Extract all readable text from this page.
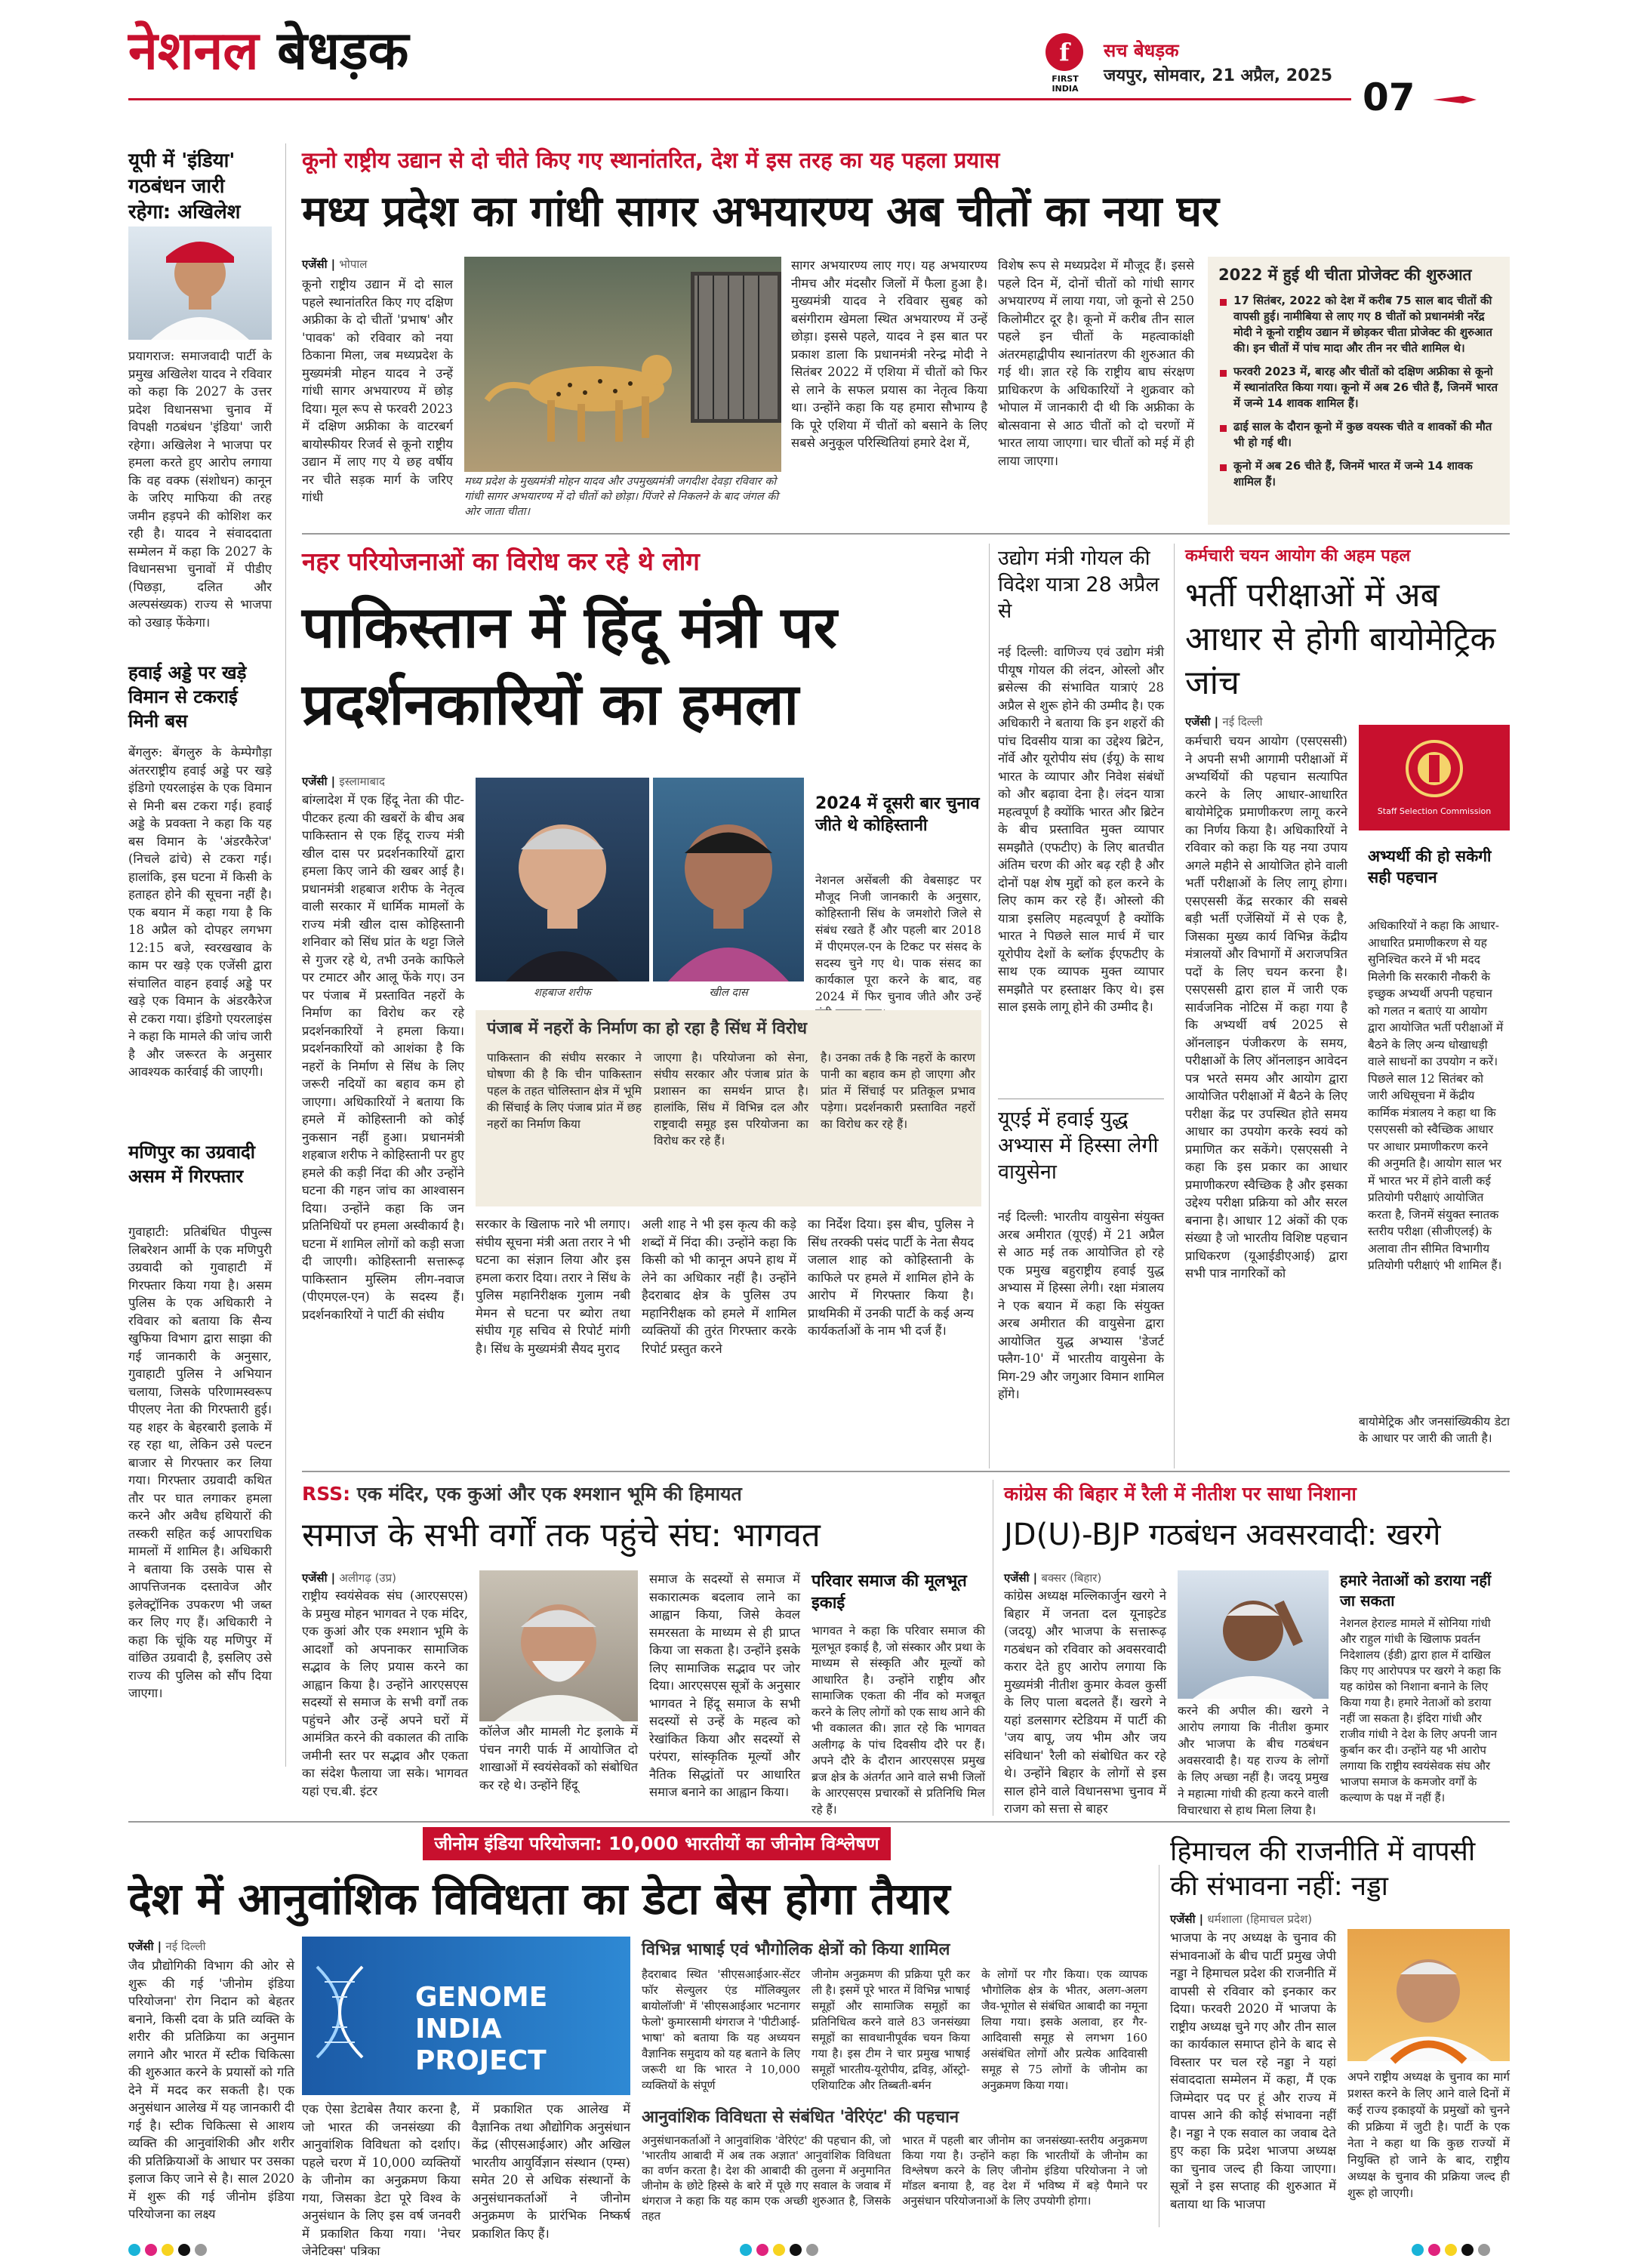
नेशनल बेधड़क	f
FIRST INDIA
सच बेधड़क
जयपुर, सोमवार, 21 अप्रैल, 2025 07
यूपी में 'इंडिया' गठबंधन जारी रहेगा: अखिलेश
प्रयागराज: समाजवादी पार्टी के प्रमुख अखिलेश यादव ने रविवार को कहा कि 2027 के उत्तर प्रदेश विधानसभा चुनाव में विपक्षी गठबंधन 'इंडिया' जारी रहेगा। अखिलेश ने भाजपा पर हमला करते हुए आरोप लगाया कि वह वक्फ (संशोधन) कानून के जरिए माफिया की तरह जमीन हड़पने की कोशिश कर रही है। यादव ने संवाददाता सम्मेलन में कहा कि 2027 के विधानसभा चुनावों में पीडीए (पिछड़ा, दलित और अल्पसंख्यक) राज्य से भाजपा को उखाड़ फेंकेगा।
हवाई अड्डे पर खड़े विमान से टकराई मिनी बस
बेंगलुरु: बेंगलुरु के केम्पेगौड़ा अंतरराष्ट्रीय हवाई अड्डे पर खड़े इंडिगो एयरलाइंस के एक विमान से मिनी बस टकरा गई। हवाई अड्डे के प्रवक्ता ने कहा कि यह बस विमान के 'अंडरकैरेज' (निचले ढांचे) से टकरा गई। हालांकि, इस घटना में किसी के हताहत होने की सूचना नहीं है। एक बयान में कहा गया है कि 18 अप्रैल को दोपहर लगभग 12:15 बजे, स्वरखखाव के काम पर खड़े एक एजेंसी द्वारा संचालित वाहन हवाई अड्डे पर खड़े एक विमान के अंडरकैरेज से टकरा गया। इंडिगो एयरलाइंस ने कहा कि मामले की जांच जारी है और जरूरत के अनुसार आवश्यक कार्रवाई की जाएगी।
मणिपुर का उग्रवादी असम में गिरफ्तार
गुवाहाटी: प्रतिबंधित पीपुल्स लिबरेशन आर्मी के एक मणिपुरी उग्रवादी को गुवाहाटी में गिरफ्तार किया गया है। असम पुलिस के एक अधिकारी ने रविवार को बताया कि सैन्य खुफिया विभाग द्वारा साझा की गई जानकारी के अनुसार, गुवाहाटी पुलिस ने अभियान चलाया, जिसके परिणामस्वरूप पीएलए नेता की गिरफ्तारी हुई। यह शहर के बेहरबारी इलाके में रह रहा था, लेकिन उसे पल्टन बाजार से गिरफ्तार कर लिया गया। गिरफ्तार उग्रवादी कथित तौर पर घात लगाकर हमला करने और अवैध हथियारों की तस्करी सहित कई आपराधिक मामलों में शामिल है। अधिकारी ने बताया कि उसके पास से आपत्तिजनक दस्तावेज और इलेक्ट्रॉनिक उपकरण भी जब्त कर लिए गए हैं। अधिकारी ने कहा कि चूंकि यह मणिपुर में वांछित उग्रवादी है, इसलिए उसे राज्य की पुलिस को सौंप दिया जाएगा।
कूनो राष्ट्रीय उद्यान से दो चीते किए गए स्थानांतरित, देश में इस तरह का यह पहला प्रयास
मध्य प्रदेश का गांधी सागर अभयारण्य अब चीतों का नया घर
एजेंसी | भोपाल
कूनो राष्ट्रीय उद्यान में दो साल पहले स्थानांतरित किए गए दक्षिण अफ्रीका के दो चीतों 'प्रभाष' और 'पावक' को रविवार को नया ठिकाना मिला, जब मध्यप्रदेश के मुख्यमंत्री मोहन यादव ने उन्हें गांधी सागर अभयारण्य में छोड़ दिया। मूल रूप से फरवरी 2023 में दक्षिण अफ्रीका के वाटरबर्ग बायोस्फीयर रिजर्व से कूनो राष्ट्रीय उद्यान में लाए गए ये छह वर्षीय नर चीते सड़क मार्ग के जरिए गांधी
मध्य प्रदेश के मुख्यमंत्री मोहन यादव और उपमुख्यमंत्री जगदीश देवड़ा रविवार को गांधी सागर अभयारण्य में दो चीतों को छोड़ा। पिंजरे से निकलने के बाद जंगल की ओर जाता चीता।
सागर अभयारण्य लाए गए। यह अभयारण्य नीमच और मंदसौर जिलों में फैला हुआ है। मुख्यमंत्री यादव ने रविवार सुबह को बसंगीराम खेमला स्थित अभयारण्य में उन्हें छोड़ा। इससे पहले, यादव ने इस बात पर प्रकाश डाला कि प्रधानमंत्री नरेन्द्र मोदी ने सितंबर 2022 में एशिया में चीतों को फिर से लाने के सफल प्रयास का नेतृत्व किया था। उन्होंने कहा कि यह हमारा सौभाग्य है कि पूरे एशिया में चीतों को बसाने के लिए सबसे अनुकूल परिस्थितियां हमारे देश में,
विशेष रूप से मध्यप्रदेश में मौजूद हैं। इससे पहले दिन में, दोनों चीतों को गांधी सागर अभयारण्य में लाया गया, जो कूनो से 250 किलोमीटर दूर है। कूनो में करीब तीन साल पहले इन चीतों के महत्वाकांक्षी अंतरमहाद्वीपीय स्थानांतरण की शुरुआत की गई थी। ज्ञात रहे कि राष्ट्रीय बाघ संरक्षण प्राधिकरण के अधिकारियों ने शुक्रवार को भोपाल में जानकारी दी थी कि अफ्रीका के बोत्सवाना से आठ चीतों को दो चरणों में भारत लाया जाएगा। चार चीतों को मई में ही लाया जाएगा।
2022 में हुई थी चीता प्रोजेक्ट की शुरुआत
17 सितंबर, 2022 को देश में करीब 75 साल बाद चीतों की वापसी हुई। नामीबिया से लाए गए 8 चीतों को प्रधानमंत्री नरेंद्र मोदी ने कूनो राष्ट्रीय उद्यान में छोड़कर चीता प्रोजेक्ट की शुरुआत की। इन चीतों में पांच मादा और तीन नर चीते शामिल थे।
फरवरी 2023 में, बारह और चीतों को दक्षिण अफ्रीका से कूनो में स्थानांतरित किया गया। कूनो में अब 26 चीते हैं, जिनमें भारत में जन्मे 14 शावक शामिल हैं।
ढाई साल के दौरान कूनो में कुछ वयस्क चीते व शावकों की मौत भी हो गई थी।
कूनो में अब 26 चीते हैं, जिनमें भारत में जन्मे 14 शावक शामिल हैं।
नहर परियोजनाओं का विरोध कर रहे थे लोग
पाकिस्तान में हिंदू मंत्री पर प्रदर्शनकारियों का हमला
एजेंसी | इस्लामाबाद
बांग्लादेश में एक हिंदू नेता की पीट-पीटकर हत्या की खबरों के बीच अब पाकिस्तान से एक हिंदू राज्य मंत्री खील दास पर प्रदर्शनकारियों द्वारा हमला किए जाने की खबर आई है। प्रधानमंत्री शहबाज शरीफ के नेतृत्व वाली सरकार में धार्मिक मामलों के राज्य मंत्री खील दास कोहिस्तानी शनिवार को सिंध प्रांत के थट्टा जिले से गुजर रहे थे, तभी उनके काफिले पर टमाटर और आलू फेंके गए। उन पर पंजाब में प्रस्तावित नहरों के निर्माण का विरोध कर रहे प्रदर्शनकारियों ने हमला किया। प्रदर्शनकारियों को आशंका है कि नहरों के निर्माण से सिंध के लिए जरूरी नदियों का बहाव कम हो जाएगा। अधिकारियों ने बताया कि हमले में कोहिस्तानी को कोई नुकसान नहीं हुआ। प्रधानमंत्री शहबाज शरीफ ने कोहिस्तानी पर हुए हमले की कड़ी निंदा की और उन्होंने घटना की गहन जांच का आश्वासन दिया। उन्होंने कहा कि जन प्रतिनिधियों पर हमला अस्वीकार्य है। घटना में शामिल लोगों को कड़ी सजा दी जाएगी। कोहिस्तानी सत्तारूढ़ पाकिस्तान मुस्लिम लीग-नवाज (पीएमएल-एन) के सदस्य हैं। प्रदर्शनकारियों ने पार्टी की संघीय
शहबाज शरीफ	खील दास
2024 में दूसरी बार चुनाव जीते थे कोहिस्तानी
नेशनल असेंबली की वेबसाइट पर मौजूद निजी जानकारी के अनुसार, कोहिस्तानी सिंध के जमशोरो जिले से संबंध रखते हैं और पहली बार 2018 में पीएमएल-एन के टिकट पर संसद के सदस्य चुने गए थे। पाक संसद का कार्यकाल पूरा करने के बाद, वह 2024 में फिर चुनाव जीते और उन्हें
पंजाब में नहरों के निर्माण का हो रहा है सिंध में विरोध
पाकिस्तान की संघीय सरकार ने घोषणा की है कि चीन पाकिस्तान पहल के तहत चोलिस्तान क्षेत्र में भूमि की सिंचाई के लिए पंजाब प्रांत में छह नहरों का निर्माण किया
जाएगा है। परियोजना को सेना, संघीय सरकार और पंजाब प्रांत के प्रशासन का समर्थन प्राप्त है। हालांकि, सिंध में विभिन्न दल और राष्ट्रवादी समूह इस परियोजना का विरोध कर रहे हैं।
है। उनका तर्क है कि नहरों के कारण पानी का बहाव कम हो जाएगा और प्रांत में सिंचाई पर प्रतिकूल प्रभाव पड़ेगा। प्रदर्शनकारी प्रस्तावित नहरों का विरोध कर रहे हैं।
सरकार के खिलाफ नारे भी लगाए। संघीय सूचना मंत्री अता तरार ने भी घटना का संज्ञान लिया और इस हमला करार दिया। तरार ने सिंध के पुलिस महानिरीक्षक गुलाम नबी मेमन से घटना पर ब्योरा तथा संघीय गृह सचिव से रिपोर्ट मांगी है। सिंध के मुख्यमंत्री सैयद मुराद
अली शाह ने भी इस कृत्य की कड़े शब्दों में निंदा की। उन्होंने कहा कि किसी को भी कानून अपने हाथ में लेने का अधिकार नहीं है। उन्होंने हैदराबाद क्षेत्र के पुलिस उप महानिरीक्षक को हमले में शामिल व्यक्तियों की तुरंत गिरफ्तार करके रिपोर्ट प्रस्तुत करने
का निर्देश दिया। इस बीच, पुलिस ने सिंध तरक्की पसंद पार्टी के नेता सैयद जलाल शाह को कोहिस्तानी के काफिले पर हमले में शामिल होने के आरोप में गिरफ्तार किया है। प्राथमिकी में उनकी पार्टी के कई अन्य कार्यकर्ताओं के नाम भी दर्ज हैं।
उद्योग मंत्री गोयल की विदेश यात्रा 28 अप्रैल से
नई दिल्ली: वाणिज्य एवं उद्योग मंत्री पीयूष गोयल की लंदन, ओस्लो और ब्रसेल्स की संभावित यात्राएं 28 अप्रैल से शुरू होने की उम्मीद है। एक अधिकारी ने बताया कि इन शहरों की पांच दिवसीय यात्रा का उद्देश्य ब्रिटेन, नॉर्वे और यूरोपीय संघ (ईयू) के साथ भारत के व्यापार और निवेश संबंधों को और बढ़ावा देना है। लंदन यात्रा महत्वपूर्ण है क्योंकि भारत और ब्रिटेन के बीच प्रस्तावित मुक्त व्यापार समझौते (एफटीए) के लिए बातचीत अंतिम चरण की ओर बढ़ रही है और दोनों पक्ष शेष मुद्दों को हल करने के लिए काम कर रहे हैं। ओस्लो की यात्रा इसलिए महत्वपूर्ण है क्योंकि भारत ने पिछले साल मार्च में चार यूरोपीय देशों के ब्लॉक ईएफटीए के साथ एक व्यापक मुक्त व्यापार समझौते पर हस्ताक्षर किए थे। इस साल इसके लागू होने की उम्मीद है।
यूएई में हवाई युद्ध अभ्यास में हिस्सा लेगी वायुसेना
नई दिल्ली: भारतीय वायुसेना संयुक्त अरब अमीरात (यूएई) में 21 अप्रैल से आठ मई तक आयोजित हो रहे एक प्रमुख बहुराष्ट्रीय हवाई युद्ध अभ्यास में हिस्सा लेगी। रक्षा मंत्रालय ने एक बयान में कहा कि संयुक्त अरब अमीरात की वायुसेना द्वारा आयोजित युद्ध अभ्यास 'डेजर्ट फ्लैग-10' में भारतीय वायुसेना के मिग-29 और जगुआर विमान शामिल होंगे।
कर्मचारी चयन आयोग की अहम पहल
भर्ती परीक्षाओं में अब आधार से होगी बायोमेट्रिक जांच
एजेंसी | नई दिल्ली
कर्मचारी चयन आयोग (एसएससी) ने अपनी सभी आगामी परीक्षाओं में अभ्यर्थियों की पहचान सत्यापित करने के लिए आधार-आधारित बायोमेट्रिक प्रमाणीकरण लागू करने का निर्णय किया है। अधिकारियों ने रविवार को कहा कि यह नया उपाय अगले महीने से आयोजित होने वाली भर्ती परीक्षाओं के लिए लागू होगा। एसएससी केंद्र सरकार की सबसे बड़ी भर्ती एजेंसियों में से एक है, जिसका मुख्य कार्य विभिन्न केंद्रीय मंत्रालयों और विभागों में अराजपत्रित पदों के लिए चयन करना है। एसएससी द्वारा हाल में जारी एक सार्वजनिक नोटिस में कहा गया है कि अभ्यर्थी वर्ष 2025 से ऑनलाइन पंजीकरण के समय, परीक्षाओं के लिए ऑनलाइन आवेदन पत्र भरते समय और आयोग द्वारा आयोजित परीक्षाओं में बैठने के लिए परीक्षा केंद्र पर उपस्थित होते समय आधार का उपयोग करके स्वयं को प्रमाणित कर सकेंगे। एसएससी ने कहा कि इस प्रकार का आधार प्रमाणीकरण स्वैच्छिक है और इसका उद्देश्य परीक्षा प्रक्रिया को और सरल बनाना है। आधार 12 अंकों की एक संख्या है जो भारतीय विशिष्ट पहचान प्राधिकरण (यूआईडीएआई) द्वारा सभी पात्र नागरिकों को
Staff Selection Commission
अभ्यर्थी की हो सकेगी सही पहचान
अधिकारियों ने कहा कि आधार-आधारित प्रमाणीकरण से यह सुनिश्चित करने में भी मदद मिलेगी कि सरकारी नौकरी के इच्छुक अभ्यर्थी अपनी पहचान को गलत न बताएं या आयोग द्वारा आयोजित भर्ती परीक्षाओं में बैठने के लिए अन्य धोखाधड़ी वाले साधनों का उपयोग न करें। पिछले साल 12 सितंबर को जारी अधिसूचना में केंद्रीय कार्मिक मंत्रालय ने कहा था कि एसएससी को स्वैच्छिक आधार पर आधार प्रमाणीकरण करने की अनुमति है। आयोग साल भर में भारत भर में होने वाली कई प्रतियोगी परीक्षाएं आयोजित करता है, जिनमें संयुक्त स्नातक स्तरीय परीक्षा (सीजीएलई) के अलावा तीन सीमित विभागीय प्रतियोगी परीक्षाएं भी शामिल हैं।
बायोमेट्रिक और जनसांख्यिकीय डेटा के आधार पर जारी की जाती है।
RSS: एक मंदिर, एक कुआं और एक श्मशान भूमि की हिमायत
समाज के सभी वर्गों तक पहुंचे संघ: भागवत
एजेंसी | अलीगढ़ (उप्र)
राष्ट्रीय स्वयंसेवक संघ (आरएसएस) के प्रमुख मोहन भागवत ने एक मंदिर, एक कुआं और एक श्मशान भूमि के आदर्शों को अपनाकर सामाजिक सद्भाव के लिए प्रयास करने का आह्वान किया है। उन्होंने आरएसएस सदस्यों से समाज के सभी वर्गों तक पहुंचने और उन्हें अपने घरों में आमंत्रित करने की वकालत की ताकि जमीनी स्तर पर सद्भाव और एकता का संदेश फैलाया जा सके। भागवत यहां एच.बी. इंटर
कॉलेज और मामली गेट इलाके में पंचन नगरी पार्क में आयोजित दो शाखाओं में स्वयंसेवकों को संबोधित कर रहे थे। उन्होंने हिंदू
समाज के सदस्यों से समाज में सकारात्मक बदलाव लाने का आह्वान किया, जिसे केवल समरसता के माध्यम से ही प्राप्त किया जा सकता है। उन्होंने इसके लिए सामाजिक सद्भाव पर जोर दिया। आरएसएस सूत्रों के अनुसार भागवत ने हिंदू समाज के सभी सदस्यों से उन्हें के महत्व को रेखांकित किया और सदस्यों से परंपरा, सांस्कृतिक मूल्यों और नैतिक सिद्धांतों पर आधारित समाज बनाने का आह्वान किया।
परिवार समाज की मूलभूत इकाई
भागवत ने कहा कि परिवार समाज की मूलभूत इकाई है, जो संस्कार और प्रथा के माध्यम से संस्कृति और मूल्यों को आधारित है। उन्होंने राष्ट्रीय और सामाजिक एकता की नींव को मजबूत करने के लिए लोगों को एक साथ आने की भी वकालत की। ज्ञात रहे कि भागवत अलीगढ़ के पांच दिवसीय दौरे पर हैं। अपने दौरे के दौरान आरएसएस प्रमुख ब्रज क्षेत्र के अंतर्गत आने वाले सभी जिलों के आरएसएस प्रचारकों से प्रतिनिधि मिल रहे हैं।
कांग्रेस की बिहार में रैली में नीतीश पर साधा निशाना
JD(U)-BJP गठबंधन अवसरवादी: खरगे
एजेंसी | बक्सर (बिहार)
कांग्रेस अध्यक्ष मल्लिकार्जुन खरगे ने बिहार में जनता दल यूनाइटेड (जदयू) और भाजपा के सत्तारूढ़ गठबंधन को रविवार को अवसरवादी करार देते हुए आरोप लगाया कि मुख्यमंत्री नीतीश कुमार केवल कुर्सी के लिए पाला बदलते हैं। खरगे ने यहां डलसागर स्टेडियम में पार्टी की 'जय बापू, जय भीम और जय संविधान' रैली को संबोधित कर रहे थे। उन्होंने बिहार के लोगों से इस साल होने वाले विधानसभा चुनाव में राजग को सत्ता से बाहर
करने की अपील की। खरगे ने आरोप लगाया कि नीतीश कुमार और भाजपा के बीच गठबंधन अवसरवादी है। यह राज्य के लोगों के लिए अच्छा नहीं है। जदयू प्रमुख ने महात्मा गांधी की हत्या करने वाली विचारधारा से हाथ मिला लिया है।
हमारे नेताओं को डराया नहीं जा सकता
नेशनल हेराल्ड मामले में सोनिया गांधी और राहुल गांधी के खिलाफ प्रवर्तन निदेशालय (ईडी) द्वारा हाल में दाखिल किए गए आरोपपत्र पर खरगे ने कहा कि यह कांग्रेस को निशाना बनाने के लिए किया गया है। हमारे नेताओं को डराया नहीं जा सकता है। इंदिरा गांधी और राजीव गांधी ने देश के लिए अपनी जान कुर्बान कर दी। उन्होंने यह भी आरोप लगाया कि राष्ट्रीय स्वयंसेवक संघ और भाजपा समाज के कमजोर वर्गों के कल्याण के पक्ष में नहीं हैं।
जीनोम इंडिया परियोजना: 10,000 भारतीयों का जीनोम विश्लेषण
देश में आनुवांशिक विविधता का डेटा बेस होगा तैयार
एजेंसी | नई दिल्ली
जैव प्रौद्योगिकी विभाग की ओर से शुरू की गई 'जीनोम इंडिया परियोजना' रोग निदान को बेहतर बनाने, किसी दवा के प्रति व्यक्ति के शरीर की प्रतिक्रिया का अनुमान लगाने और भारत में स्टीक चिकित्सा की शुरुआत करने के प्रयासों को गति देने में मदद कर सकती है। एक अनुसंधान आलेख में यह जानकारी दी गई है। स्टीक चिकित्सा से आशय व्यक्ति की आनुवांशिकी और शरीर की प्रतिक्रियाओं के आधार पर उसका इलाज किए जाने से है। साल 2020 में शुरू की गई जीनोम इंडिया परियोजना का लक्ष्य
GENOME INDIA PROJECT
एक ऐसा डेटाबेस तैयार करना है, जो भारत की जनसंख्या की आनुवांशिक विविधता को दर्शाए। पहले चरण में 10,000 व्यक्तियों के जीनोम का अनुक्रमण किया गया, जिसका डेटा पूरे विश्व के अनुसंधान के लिए इस वर्ष जनवरी में प्रकाशित किया गया। 'नेचर जेनेटिक्स' पत्रिका
में प्रकाशित एक आलेख में वैज्ञानिक तथा औद्योगिक अनुसंधान केंद्र (सीएसआईआर) और अखिल भारतीय आयुर्विज्ञान संस्थान (एम्स) समेत 20 से अधिक संस्थानों के अनुसंधानकर्ताओं ने जीनोम अनुक्रमण के प्रारंभिक निष्कर्ष प्रकाशित किए हैं।
विभिन्न भाषाई एवं भौगोलिक क्षेत्रों को किया शामिल
हैदराबाद स्थित 'सीएसआईआर-सेंटर फॉर सेल्युलर एंड मॉलिक्युलर बायोलॉजी' में 'सीएसआईआर भटनागर फेलो' कुमारसामी थंगराज ने 'पीटीआई-भाषा' को बताया कि यह अध्ययन वैज्ञानिक समुदाय को यह बताने के लिए जरूरी था कि भारत ने 10,000 व्यक्तियों के संपूर्ण
जीनोम अनुक्रमण की प्रक्रिया पूरी कर ली है। इसमें पूरे भारत में विभिन्न भाषाई समूहों और सामाजिक समूहों का प्रतिनिधित्व करने वाले 83 जनसंख्या समूहों का सावधानीपूर्वक चयन किया गया है। इस टीम ने चार प्रमुख भाषाई समूहों भारतीय-यूरोपीय, द्रविड़, ऑस्ट्रो-एशियाटिक और तिब्बती-बर्मन
के लोगों पर गौर किया। एक व्यापक भौगोलिक क्षेत्र के भीतर, अलग-अलग जैव-भूगोल से संबंधित आबादी का नमूना लिया गया। इसके अलावा, हर गैर-आदिवासी समूह से लगभग 160 असंबंधित लोगों और प्रत्येक आदिवासी समूह से 75 लोगों के जीनोम का अनुक्रमण किया गया।
आनुवांशिक विविधता से संबंधित 'वेरिएंट' की पहचान
अनुसंधानकर्ताओं ने आनुवांशिक 'वेरिएंट' की पहचान की, जो 'भारतीय आबादी में अब तक अज्ञात' आनुवांशिक विविधता का वर्णन करता है। देश की आबादी की तुलना में अनुमानित जीनोम के छोटे हिस्से के बारे में पूछे गए सवाल के जवाब में थंगराज ने कहा कि यह काम एक अच्छी शुरुआत है, जिसके तहत
भारत में पहली बार जीनोम का जनसंख्या-स्तरीय अनुक्रमण किया गया है। उन्होंने कहा कि भारतीयों के जीनोम का विश्लेषण करने के लिए जीनोम इंडिया परियोजना ने जो मॉडल बनाया है, वह देश में भविष्य में बड़े पैमाने पर अनुसंधान परियोजनाओं के लिए उपयोगी होगा।
हिमाचल की राजनीति में वापसी की संभावना नहीं: नड्डा
एजेंसी | धर्मशाला (हिमाचल प्रदेश)
भाजपा के नए अध्यक्ष के चुनाव की संभावनाओं के बीच पार्टी प्रमुख जेपी नड्डा ने हिमाचल प्रदेश की राजनीति में वापसी से रविवार को इनकार कर दिया। फरवरी 2020 में भाजपा के राष्ट्रीय अध्यक्ष चुने गए और तीन साल का कार्यकाल समाप्त होने के बाद से विस्तार पर चल रहे नड्डा ने यहां संवाददाता सम्मेलन में कहा, मैं एक जिम्मेदार पद पर हूं और राज्य में वापस आने की कोई संभावना नहीं है। नड्डा ने एक सवाल का जवाब देते हुए कहा कि प्रदेश भाजपा अध्यक्ष का चुनाव जल्द ही किया जाएगा। सूत्रों ने इस सप्ताह की शुरुआत में बताया था कि भाजपा
अपने राष्ट्रीय अध्यक्ष के चुनाव का मार्ग प्रशस्त करने के लिए आने वाले दिनों में कई राज्य इकाइयों के प्रमुखों को चुनने की प्रक्रिया में जुटी है। पार्टी के एक नेता ने कहा था कि कुछ राज्यों में नियुक्ति हो जाने के बाद, राष्ट्रीय अध्यक्ष के चुनाव की प्रक्रिया जल्द ही शुरू हो जाएगी।
